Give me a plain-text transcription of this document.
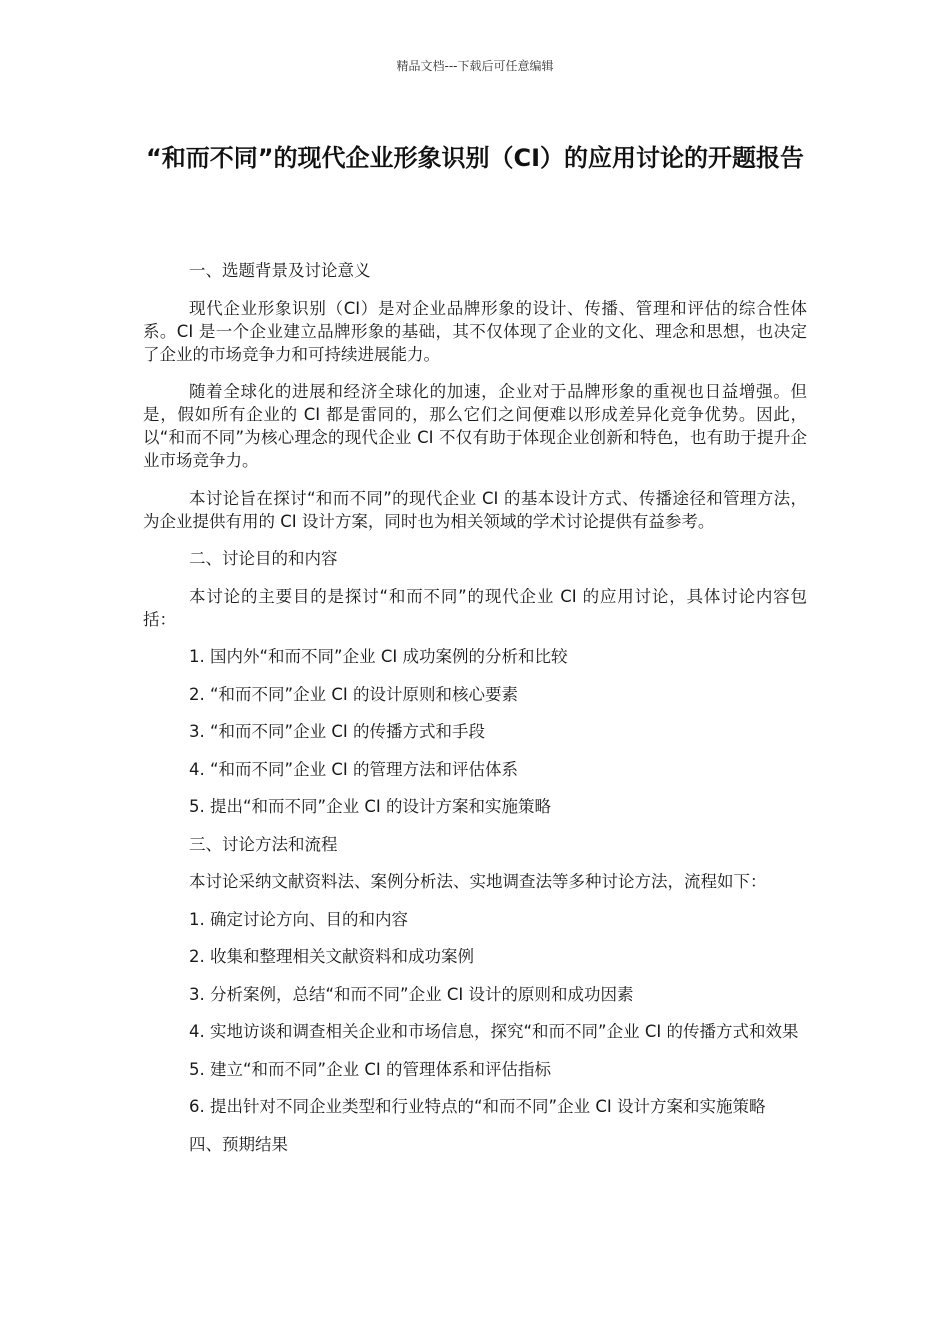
精品文档---下载后可任意编辑
“和而不同”的现代企业形象识别（CI）的应用讨论的开题报告

一、选题背景及讨论意义

现代企业形象识别（CI）是对企业品牌形象的设计、传播、管理和评估的综合性体系。CI 是一个企业建立品牌形象的基础，其不仅体现了企业的文化、理念和思想，也决定了企业的市场竞争力和可持续进展能力。

随着全球化的进展和经济全球化的加速，企业对于品牌形象的重视也日益增强。但是，假如所有企业的 CI 都是雷同的，那么它们之间便难以形成差异化竞争优势。因此，以“和而不同”为核心理念的现代企业 CI 不仅有助于体现企业创新和特色，也有助于提升企业市场竞争力。

本讨论旨在探讨“和而不同”的现代企业 CI 的基本设计方式、传播途径和管理方法，为企业提供有用的 CI 设计方案，同时也为相关领域的学术讨论提供有益参考。

二、讨论目的和内容

本讨论的主要目的是探讨“和而不同”的现代企业 CI 的应用讨论，具体讨论内容包括：

1. 国内外“和而不同”企业 CI 成功案例的分析和比较

2. “和而不同”企业 CI 的设计原则和核心要素

3. “和而不同”企业 CI 的传播方式和手段

4. “和而不同”企业 CI 的管理方法和评估体系

5. 提出“和而不同”企业 CI 的设计方案和实施策略

三、讨论方法和流程

本讨论采纳文献资料法、案例分析法、实地调查法等多种讨论方法，流程如下：

1. 确定讨论方向、目的和内容

2. 收集和整理相关文献资料和成功案例

3. 分析案例，总结“和而不同”企业 CI 设计的原则和成功因素

4. 实地访谈和调查相关企业和市场信息，探究“和而不同”企业 CI 的传播方式和效果

5. 建立“和而不同”企业 CI 的管理体系和评估指标

6. 提出针对不同企业类型和行业特点的“和而不同”企业 CI 设计方案和实施策略

四、预期结果
